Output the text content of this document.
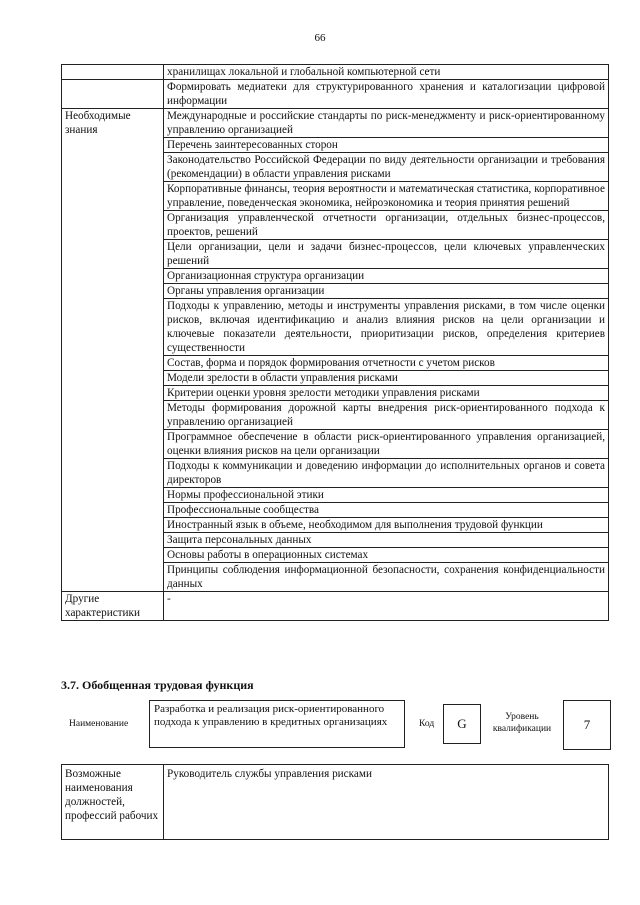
66
	хранилищах локальной и глобальной компьютерной сети
	Формировать медиатеки для структурированного хранения и каталогизации цифровой информации
Необходимые знания	Международные и российские стандарты по риск-менеджменту и риск-ориентированному управлению организацией
	Перечень заинтересованных сторон
	Законодательство Российской Федерации по виду деятельности организации и требования (рекомендации) в области управления рисками
	Корпоративные финансы, теория вероятности и математическая статистика, корпоративное управление, поведенческая экономика, нейроэкономика и теория принятия решений
	Организация управленческой отчетности организации, отдельных бизнес-процессов, проектов, решений
	Цели организации, цели и задачи бизнес-процессов, цели ключевых управленческих решений
	Организационная структура организации
	Органы управления организации
	Подходы к управлению, методы и инструменты управления рисками, в том числе оценки рисков, включая идентификацию и анализ влияния рисков на цели организации и ключевые показатели деятельности, приоритизации рисков, определения критериев существенности
	Состав, форма и порядок формирования отчетности с учетом рисков
	Модели зрелости в области управления рисками
	Критерии оценки уровня зрелости методики управления рисками
	Методы формирования дорожной карты внедрения риск-ориентированного подхода к управлению организацией
	Программное обеспечение в области риск-ориентированного управления организацией, оценки влияния рисков на цели организации
	Подходы к коммуникации и доведению информации до исполнительных органов и совета директоров
	Нормы профессиональной этики
	Профессиональные сообщества
	Иностранный язык в объеме, необходимом для выполнения трудовой функции
	Защита персональных данных
	Основы работы в операционных системах
	Принципы соблюдения информационной безопасности, сохранения конфиденциальности данных
Другие характеристики	-
3.7. Обобщенная трудовая функция
Наименование
Разработка и реализация риск-ориентированного подхода к управлению в кредитных организациях	Код	G	Уровень квалификации	7
Возможные наименования должностей, профессий рабочих	Руководитель службы управления рисками
